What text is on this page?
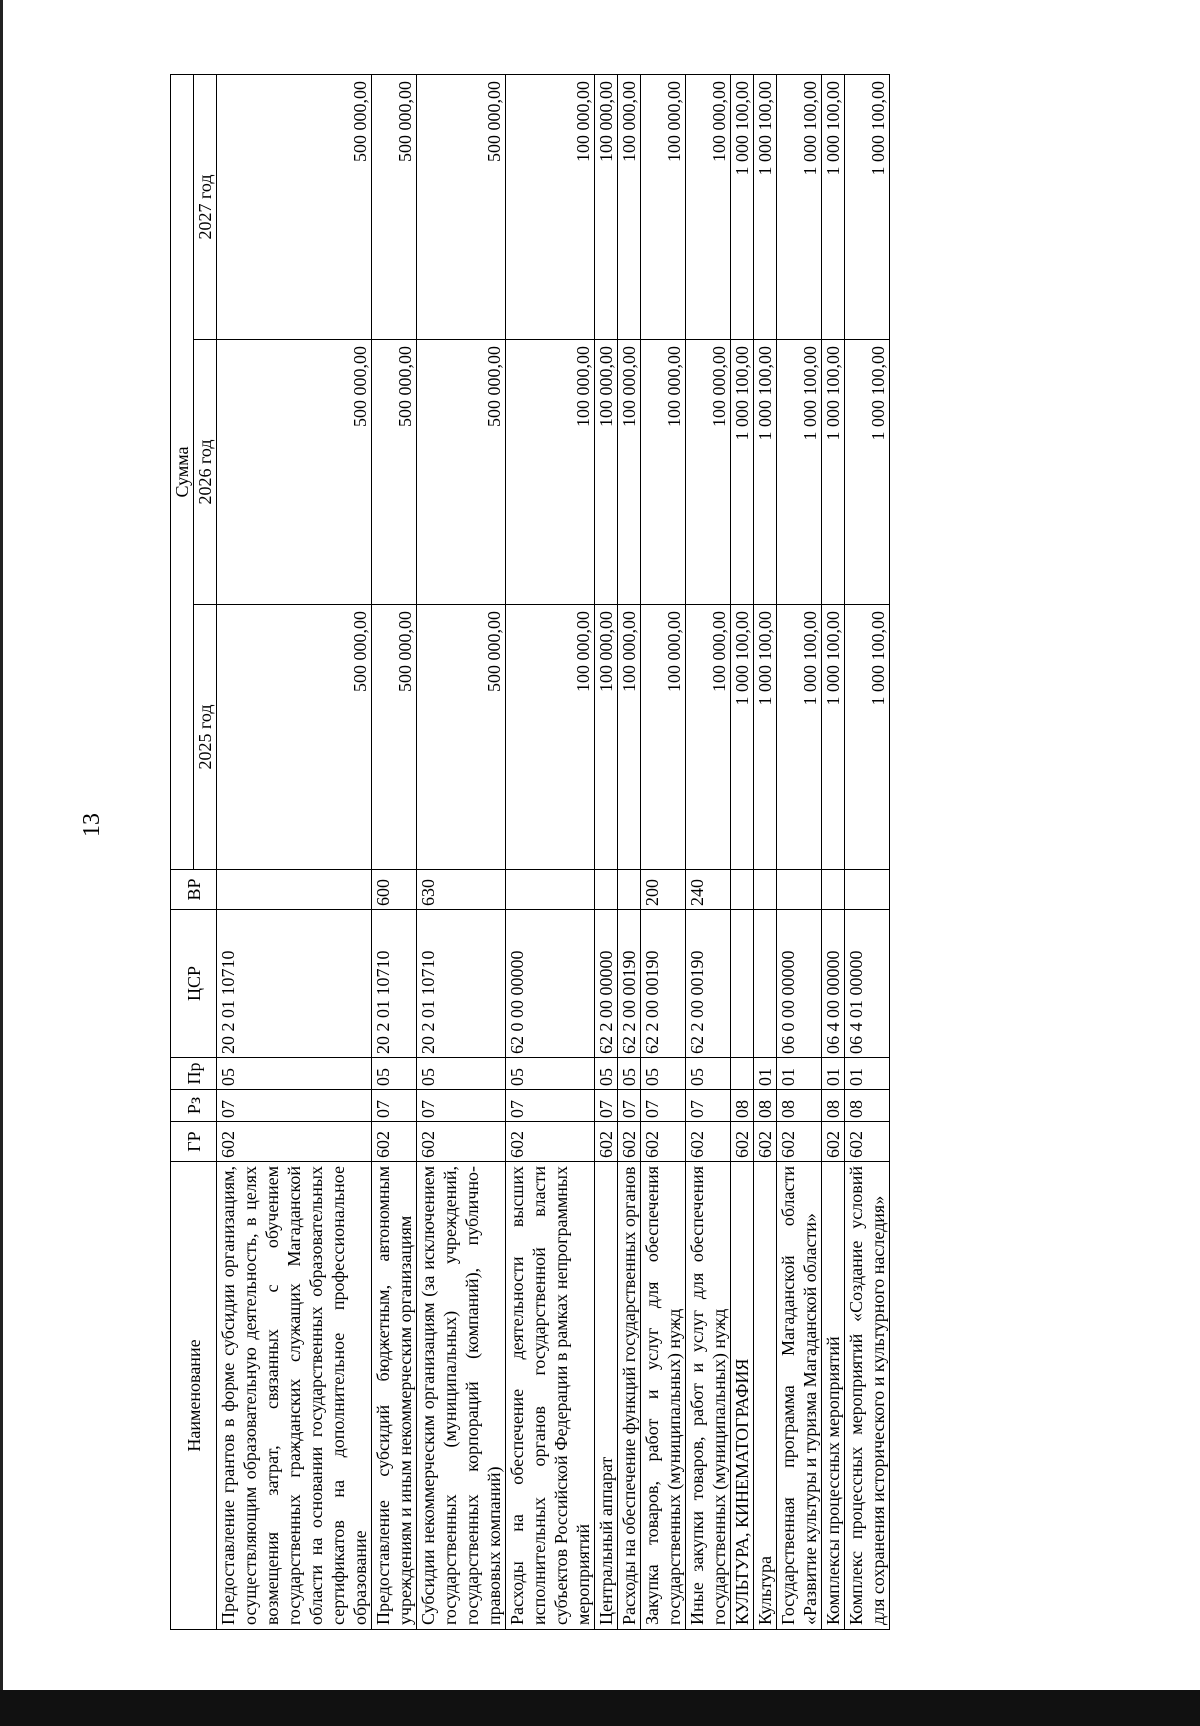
13
Наименование	ГР	Рз	Пр	ЦСР	ВР	Сумма		
						2025 год	2026 год	2027 год
Предоставление грантов в форме субсидии организациям, осуществляющим образовательную деятельность, в целях возмещения затрат, связанных с обучением государственных гражданских служащих Магаданской области на основании государственных образовательных сертификатов на дополнительное профессиональное образование	602	07	05	20 2 01 10710		500 000,00	500 000,00	500 000,00
Предоставление субсидий бюджетным, автономным учреждениям и иным некоммерческим организациям	602	07	05	20 2 01 10710	600	500 000,00	500 000,00	500 000,00
Субсидии некоммерческим организациям (за исключением государственных (муниципальных) учреждений, государственных корпораций (компаний), публично-правовых компаний)	602	07	05	20 2 01 10710	630	500 000,00	500 000,00	500 000,00
Расходы на обеспечение деятельности высших исполнительных органов государственной власти субъектов Российской Федерации в рамках непрограммных мероприятий	602	07	05	62 0 00 00000		100 000,00	100 000,00	100 000,00
Центральный аппарат	602	07	05	62 2 00 00000		100 000,00	100 000,00	100 000,00
Расходы на обеспечение функций государственных органов	602	07	05	62 2 00 00190		100 000,00	100 000,00	100 000,00
Закупка товаров, работ и услуг для обеспечения государственных (муниципальных) нужд	602	07	05	62 2 00 00190	200	100 000,00	100 000,00	100 000,00
Иные закупки товаров, работ и услуг для обеспечения государственных (муниципальных) нужд	602	07	05	62 2 00 00190	240	100 000,00	100 000,00	100 000,00
КУЛЬТУРА, КИНЕМАТОГРАФИЯ	602	08				1 000 100,00	1 000 100,00	1 000 100,00
Культура	602	08	01			1 000 100,00	1 000 100,00	1 000 100,00
Государственная программа Магаданской области «Развитие культуры и туризма Магаданской области»	602	08	01	06 0 00 00000		1 000 100,00	1 000 100,00	1 000 100,00
Комплексы процессных мероприятий	602	08	01	06 4 00 00000		1 000 100,00	1 000 100,00	1 000 100,00
Комплекс процессных мероприятий «Создание условий для сохранения исторического и культурного наследия»	602	08	01	06 4 01 00000		1 000 100,00	1 000 100,00	1 000 100,00
